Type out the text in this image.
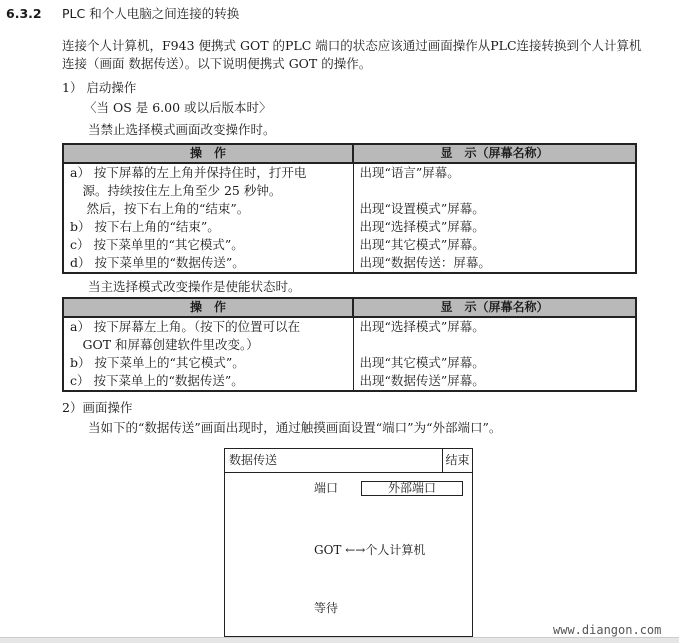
6.3.2 PLC 和个人电脑之间连接的转换
连接个人计算机，F943 便携式 GOT 的PLC 端口的状态应该通过画面操作从PLC连接转换到个人计算机
连接（画面 数据传送）。以下说明便携式 GOT 的操作。
1） 启动操作
〈当 OS 是 6.00 或以后版本时〉
当禁止选择模式画面改变操作时。
操　作	显　示（屏幕名称）
a） 按下屏幕的左上角并保持住时，打开电	出现“语言”屏幕。
　源。持续按住左上角至少 25 秒钟。	
　 然后，按下右上角的“结束”。	出现“设置模式”屏幕。
b） 按下右上角的“结束”。	出现“选择模式”屏幕。
c） 按下菜单里的“其它模式”。	出现“其它模式”屏幕。
d） 按下菜单里的“数据传送”。	出现“数据传送：屏幕。
当主选择模式改变操作是使能状态时。
操　作	显　示（屏幕名称）
a） 按下屏幕左上角。（按下的位置可以在	出现“选择模式”屏幕。
　GOT 和屏幕创建软件里改变。）	
b） 按下菜单上的“其它模式”。	出现“其它模式”屏幕。
c） 按下菜单上的“数据传送”。	出现“数据传送”屏幕。
2）画面操作
当如下的“数据传送”画面出现时，通过触摸画面设置“端口”为“外部端口”。
数据传送	结束
端口	外部端口
GOT ←→个人计算机
等待
www.diangon.com
